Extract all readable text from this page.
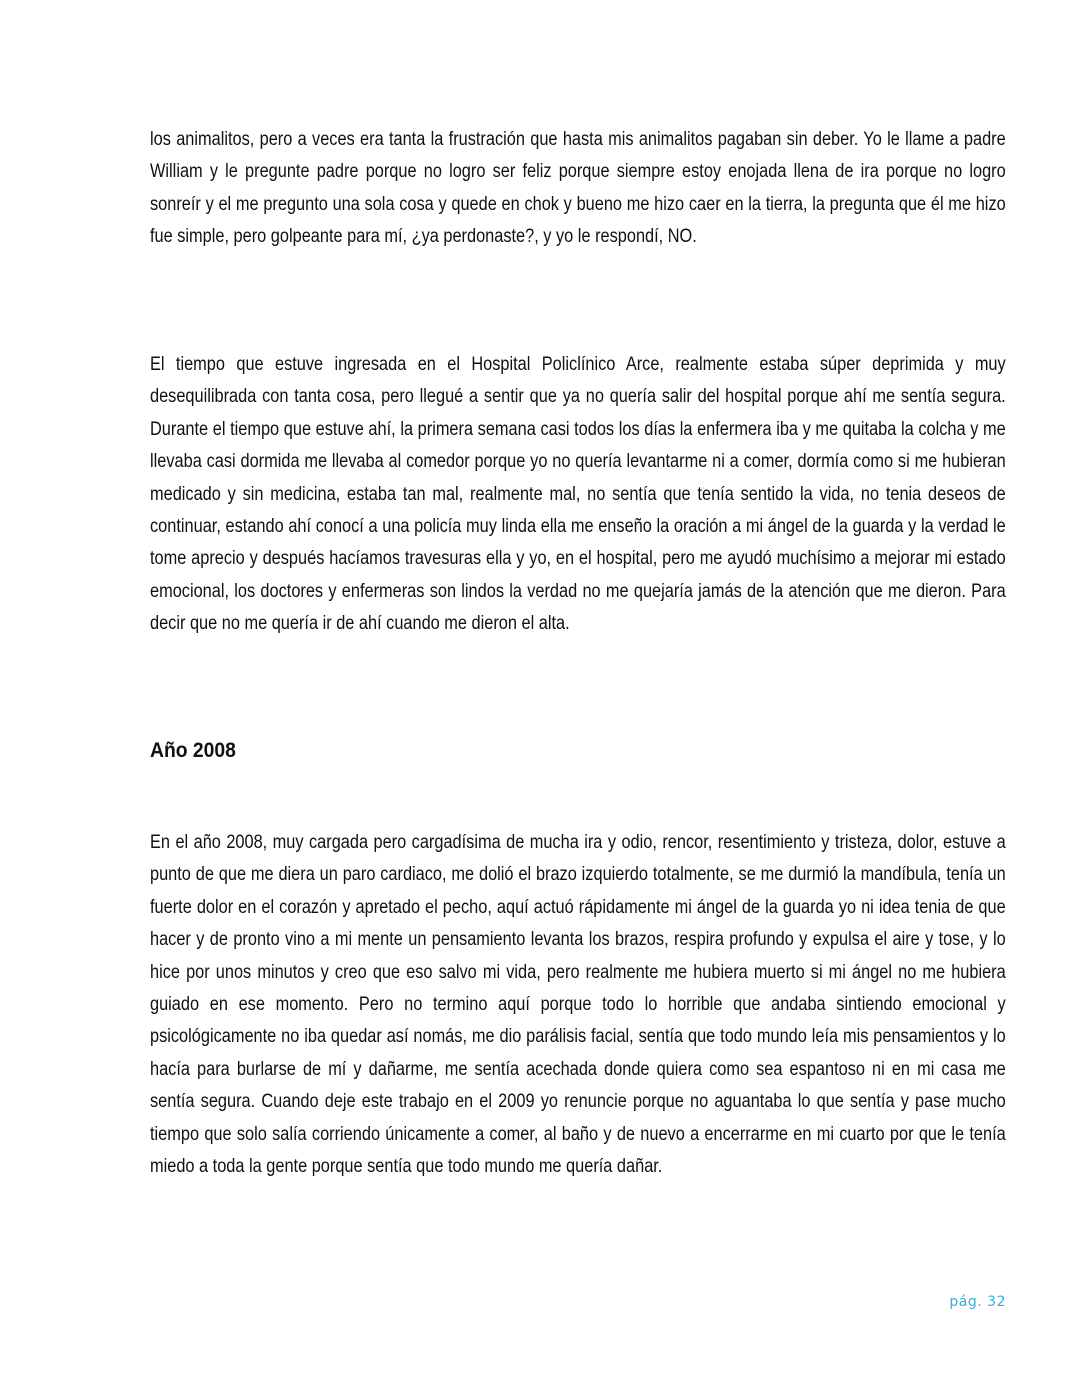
los animalitos, pero a veces era tanta la frustración que hasta mis animalitos pagaban sin deber. Yo le llame a padre William y le pregunte padre porque no logro ser feliz porque siempre estoy enojada llena de ira porque no logro sonreír y el me pregunto una sola cosa y quede en chok y bueno me hizo caer en la tierra, la pregunta que él me hizo fue simple, pero golpeante para mí, ¿ya perdonaste?, y yo le respondí, NO.

El tiempo que estuve ingresada en el Hospital Policlínico Arce, realmente estaba súper deprimida y muy desequilibrada con tanta cosa, pero llegué a sentir que ya no quería salir del hospital porque ahí me sentía segura. Durante el tiempo que estuve ahí, la primera semana casi todos los días la enfermera iba y me quitaba la colcha y me llevaba casi dormida me llevaba al comedor porque yo no quería levantarme ni a comer, dormía como si me hubieran medicado y sin medicina, estaba tan mal, realmente mal, no sentía que tenía sentido la vida, no tenia deseos de continuar, estando ahí conocí a una policía muy linda ella me enseño la oración a mi ángel de la guarda y la verdad le tome aprecio y después hacíamos travesuras ella y yo, en el hospital, pero me ayudó muchísimo a mejorar mi estado emocional, los doctores y enfermeras son lindos la verdad no me quejaría jamás de la atención que me dieron. Para decir que no me quería ir de ahí cuando me dieron el alta.

Año 2008

En el año 2008, muy cargada pero cargadísima de mucha ira y odio, rencor, resentimiento y tristeza, dolor, estuve a punto de que me diera un paro cardiaco, me dolió el brazo izquierdo totalmente, se me durmió la mandíbula, tenía un fuerte dolor en el corazón y apretado el pecho, aquí actuó rápidamente mi ángel de la guarda yo ni idea tenia de que hacer y de pronto vino a mi mente un pensamiento levanta los brazos, respira profundo y expulsa el aire y tose, y lo hice por unos minutos y creo que eso salvo mi vida, pero realmente me hubiera muerto si mi ángel no me hubiera guiado en ese momento. Pero no termino aquí porque todo lo horrible que andaba sintiendo emocional y psicológicamente no iba quedar así nomás, me dio parálisis facial, sentía que todo mundo leía mis pensamientos y lo hacía para burlarse de mí y dañarme, me sentía acechada donde quiera como sea espantoso ni en mi casa me sentía segura. Cuando deje este trabajo en el 2009 yo renuncie porque no aguantaba lo que sentía y pase mucho tiempo que solo salía corriendo únicamente a comer, al baño y de nuevo a encerrarme en mi cuarto por que le tenía miedo a toda la gente porque sentía que todo mundo me quería dañar.

pág. 32
